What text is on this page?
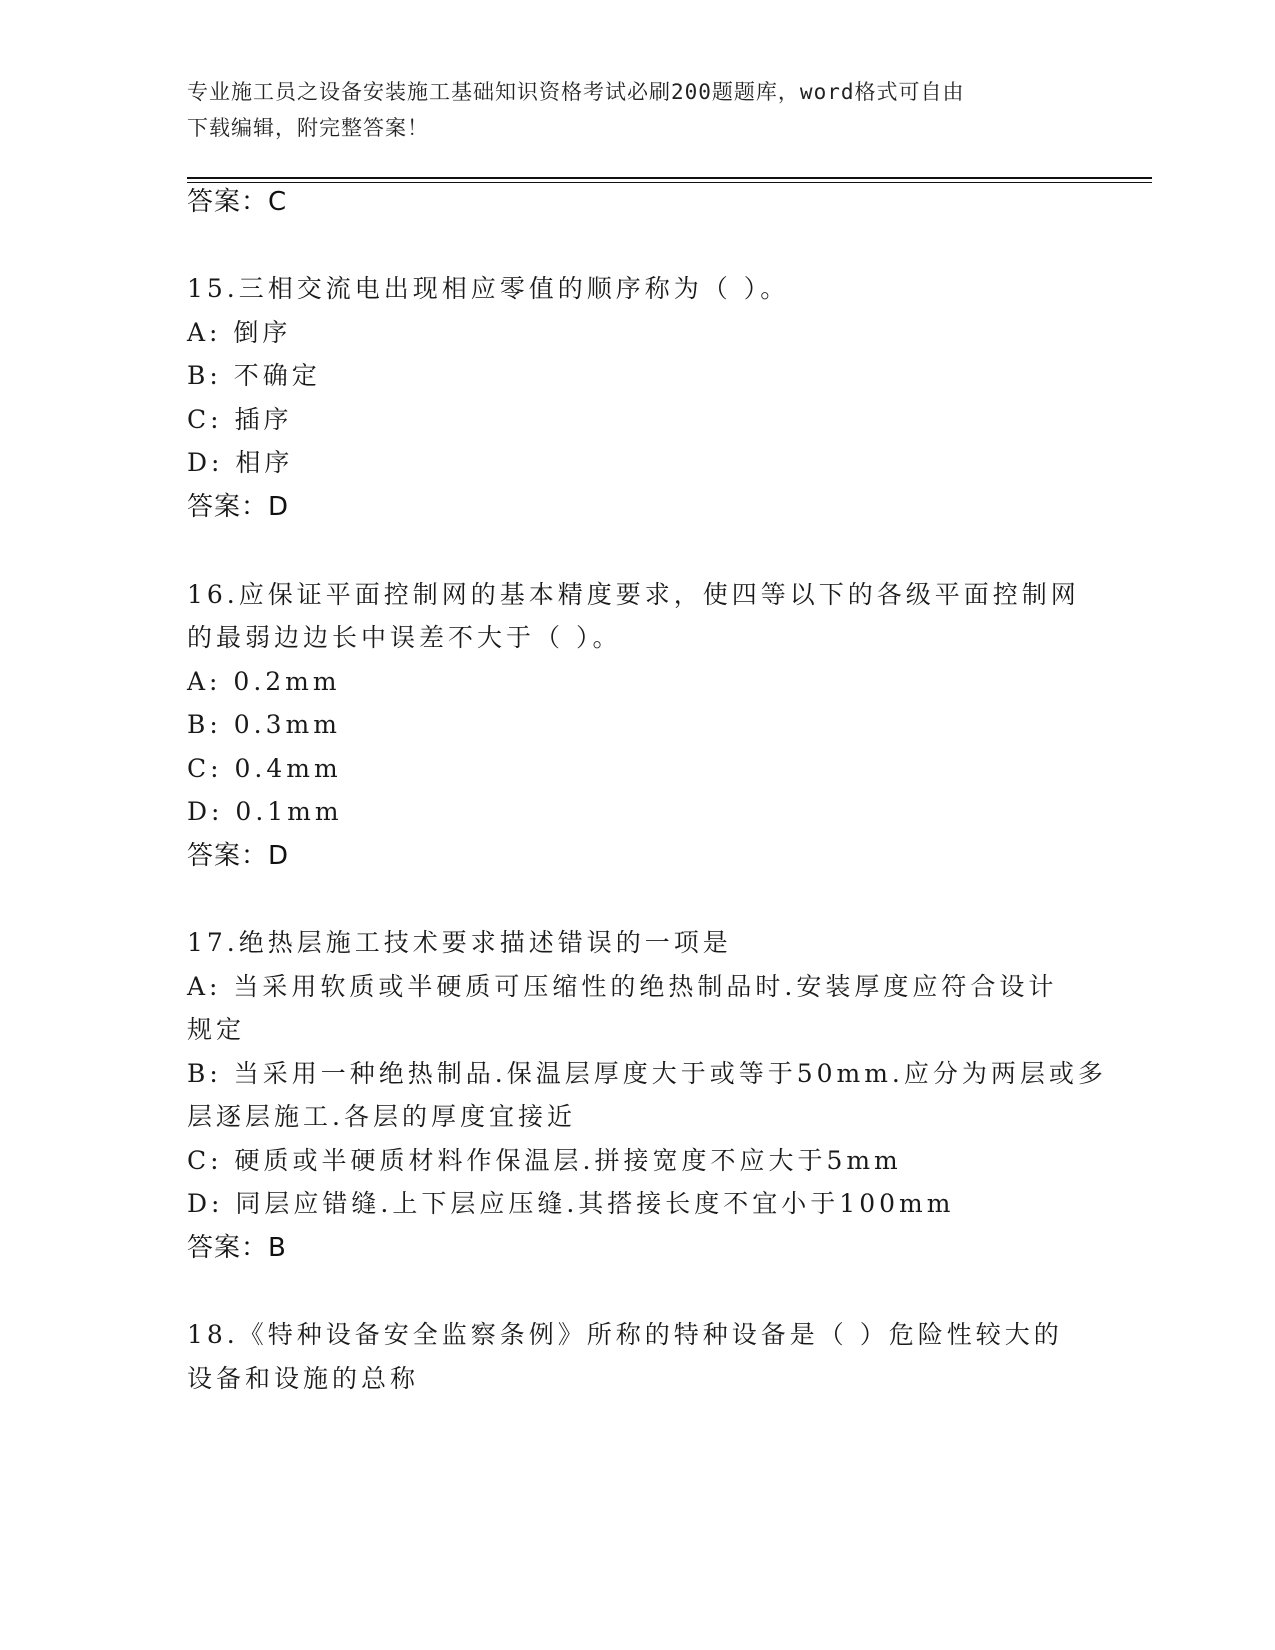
专业施工员之设备安装施工基础知识资格考试必刷200题题库，word格式可自由
下载编辑，附完整答案！
答案：C
15.三相交流电出现相应零值的顺序称为（ ）。
A: 倒序
B: 不确定
C: 插序
D: 相序
答案：D
16.应保证平面控制网的基本精度要求，使四等以下的各级平面控制网
的最弱边边长中误差不大于（ ）。
A: 0.2mm
B: 0.3mm
C: 0.4mm
D: 0.1mm
答案：D
17.绝热层施工技术要求描述错误的一项是
A: 当采用软质或半硬质可压缩性的绝热制品时.安装厚度应符合设计
规定
B: 当采用一种绝热制品.保温层厚度大于或等于50mm.应分为两层或多
层逐层施工.各层的厚度宜接近
C: 硬质或半硬质材料作保温层.拼接宽度不应大于5mm
D: 同层应错缝.上下层应压缝.其搭接长度不宜小于100mm
答案：B
18.《特种设备安全监察条例》所称的特种设备是（ ）危险性较大的
设备和设施的总称
